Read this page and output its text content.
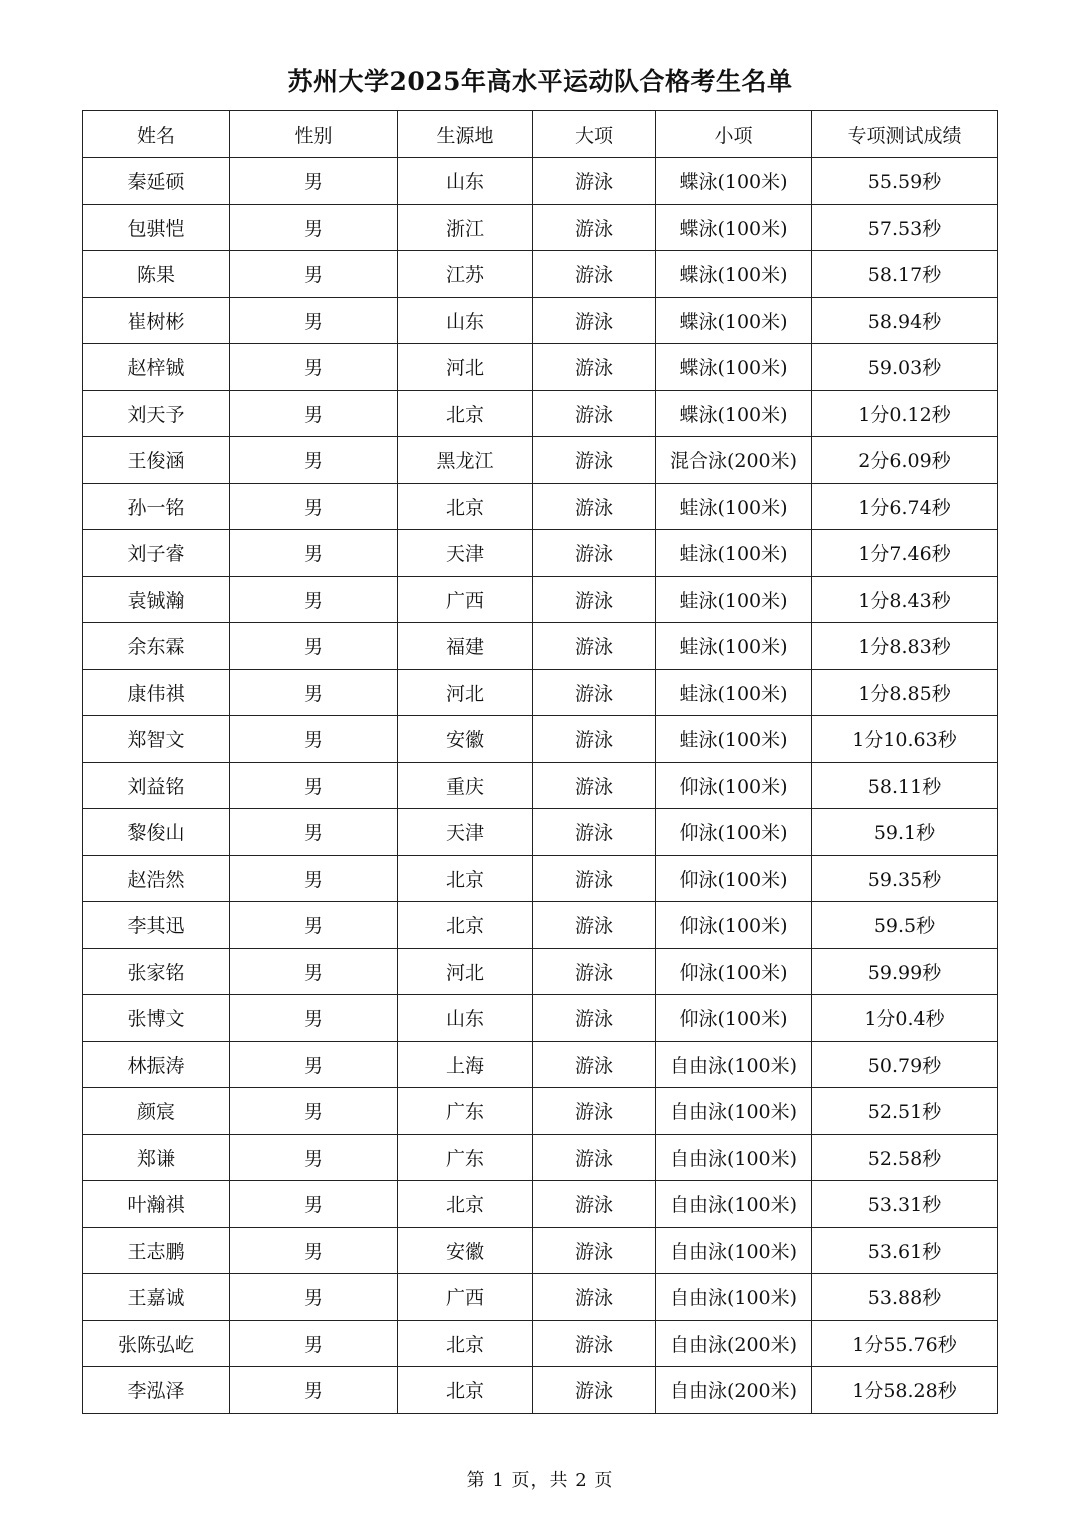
苏州大学2025年高水平运动队合格考生名单
姓名	性别	生源地	大项	小项	专项测试成绩
秦延硕	男	山东	游泳	蝶泳(100米)	55.59秒
包骐恺	男	浙江	游泳	蝶泳(100米)	57.53秒
陈果	男	江苏	游泳	蝶泳(100米)	58.17秒
崔树彬	男	山东	游泳	蝶泳(100米)	58.94秒
赵梓铖	男	河北	游泳	蝶泳(100米)	59.03秒
刘天予	男	北京	游泳	蝶泳(100米)	1分0.12秒
王俊涵	男	黑龙江	游泳	混合泳(200米)	2分6.09秒
孙一铭	男	北京	游泳	蛙泳(100米)	1分6.74秒
刘子睿	男	天津	游泳	蛙泳(100米)	1分7.46秒
袁铖瀚	男	广西	游泳	蛙泳(100米)	1分8.43秒
余东霖	男	福建	游泳	蛙泳(100米)	1分8.83秒
康伟祺	男	河北	游泳	蛙泳(100米)	1分8.85秒
郑智文	男	安徽	游泳	蛙泳(100米)	1分10.63秒
刘益铭	男	重庆	游泳	仰泳(100米)	58.11秒
黎俊山	男	天津	游泳	仰泳(100米)	59.1秒
赵浩然	男	北京	游泳	仰泳(100米)	59.35秒
李其迅	男	北京	游泳	仰泳(100米)	59.5秒
张家铭	男	河北	游泳	仰泳(100米)	59.99秒
张博文	男	山东	游泳	仰泳(100米)	1分0.4秒
林振涛	男	上海	游泳	自由泳(100米)	50.79秒
颜宸	男	广东	游泳	自由泳(100米)	52.51秒
郑谦	男	广东	游泳	自由泳(100米)	52.58秒
叶瀚祺	男	北京	游泳	自由泳(100米)	53.31秒
王志鹏	男	安徽	游泳	自由泳(100米)	53.61秒
王嘉诚	男	广西	游泳	自由泳(100米)	53.88秒
张陈弘屹	男	北京	游泳	自由泳(200米)	1分55.76秒
李泓泽	男	北京	游泳	自由泳(200米)	1分58.28秒
第 1 页，共 2 页
